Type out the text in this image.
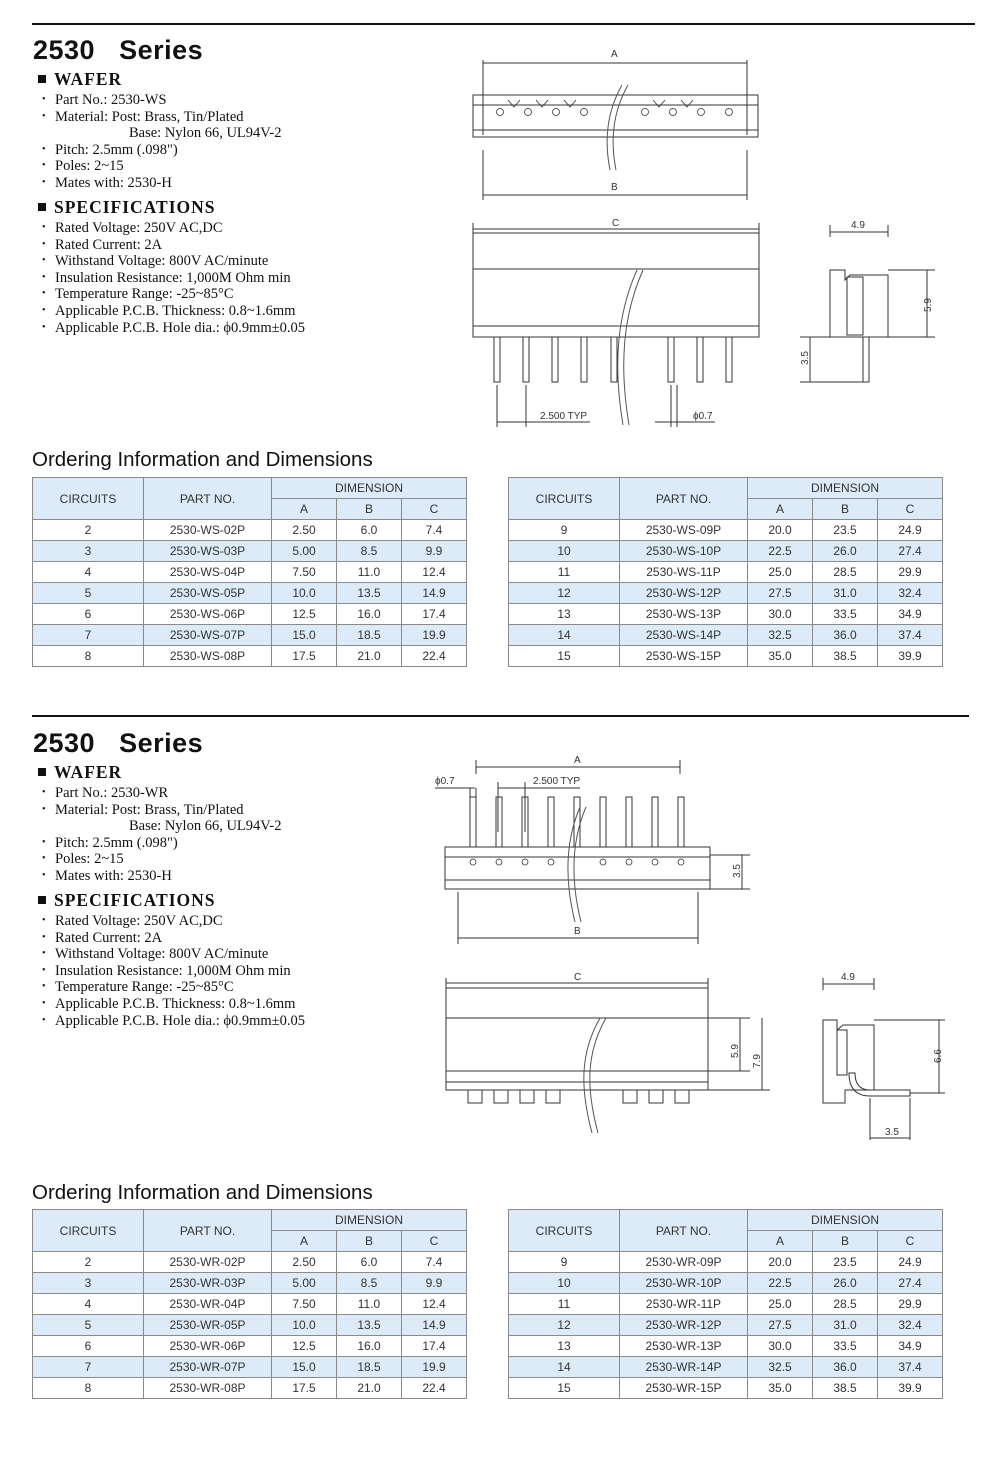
2530   Series
WAFER
• Part No.: 2530-WS
• Material: Post: Brass, Tin/Plated
Base: Nylon 66, UL94V-2
• Pitch: 2.5mm (.098")
• Poles: 2~15
• Mates with: 2530-H
SPECIFICATIONS
• Rated Voltage: 250V AC,DC
• Rated Current: 2A
• Withstand Voltage: 800V AC/minute
• Insulation Resistance: 1,000M Ohm min
• Temperature Range: -25~85°C
• Applicable P.C.B. Thickness: 0.8~1.6mm
• Applicable P.C.B. Hole dia.: ϕ0.9mm±0.05
A
B
C
2.500 TYP	ϕ0.7
4.9
5.9
3.5
Ordering Information and Dimensions
CIRCUITS	PART NO.	DIMENSION		
		A	B	C
2	2530-WS-02P	2.50	6.0	7.4
3	2530-WS-03P	5.00	8.5	9.9
4	2530-WS-04P	7.50	11.0	12.4
5	2530-WS-05P	10.0	13.5	14.9
6	2530-WS-06P	12.5	16.0	17.4
7	2530-WS-07P	15.0	18.5	19.9
8	2530-WS-08P	17.5	21.0	22.4
CIRCUITS	PART NO.	DIMENSION		
		A	B	C
9	2530-WS-09P	20.0	23.5	24.9
10	2530-WS-10P	22.5	26.0	27.4
11	2530-WS-11P	25.0	28.5	29.9
12	2530-WS-12P	27.5	31.0	32.4
13	2530-WS-13P	30.0	33.5	34.9
14	2530-WS-14P	32.5	36.0	37.4
15	2530-WS-15P	35.0	38.5	39.9
2530   Series
WAFER
• Part No.: 2530-WR
• Material: Post: Brass, Tin/Plated
Base: Nylon 66, UL94V-2
• Pitch: 2.5mm (.098")
• Poles: 2~15
• Mates with: 2530-H
SPECIFICATIONS
• Rated Voltage: 250V AC,DC
• Rated Current: 2A
• Withstand Voltage: 800V AC/minute
• Insulation Resistance: 1,000M Ohm min
• Temperature Range: -25~85°C
• Applicable P.C.B. Thickness: 0.8~1.6mm
• Applicable P.C.B. Hole dia.: ϕ0.9mm±0.05
A
ϕ0.7	2.500 TYP
3.5
B
C
5.9
7.9
4.9
6.6
3.5
Ordering Information and Dimensions
CIRCUITS	PART NO.	DIMENSION		
		A	B	C
2	2530-WR-02P	2.50	6.0	7.4
3	2530-WR-03P	5.00	8.5	9.9
4	2530-WR-04P	7.50	11.0	12.4
5	2530-WR-05P	10.0	13.5	14.9
6	2530-WR-06P	12.5	16.0	17.4
7	2530-WR-07P	15.0	18.5	19.9
8	2530-WR-08P	17.5	21.0	22.4
CIRCUITS	PART NO.	DIMENSION		
		A	B	C
9	2530-WR-09P	20.0	23.5	24.9
10	2530-WR-10P	22.5	26.0	27.4
11	2530-WR-11P	25.0	28.5	29.9
12	2530-WR-12P	27.5	31.0	32.4
13	2530-WR-13P	30.0	33.5	34.9
14	2530-WR-14P	32.5	36.0	37.4
15	2530-WR-15P	35.0	38.5	39.9
